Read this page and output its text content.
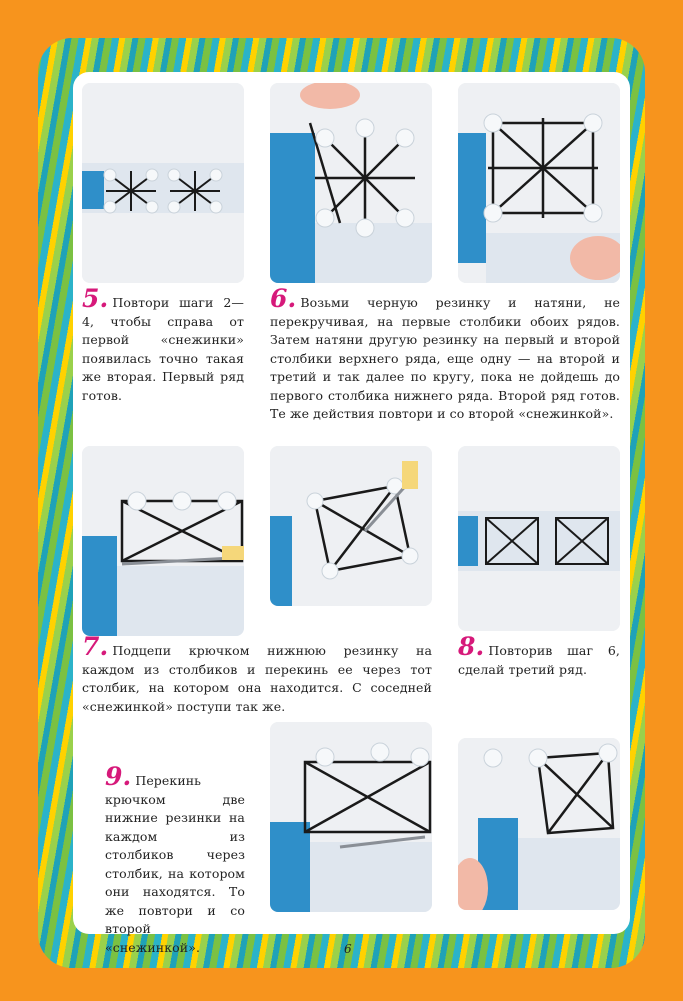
5. Повтори шаги 2—4, чтобы справа от первой «снежинки» появилась точно такая же вторая. Первый ряд готов.
6. Возьми черную резинку и натяни, не перекручивая, на первые столбики обоих рядов. Затем натяни другую резинку на первый и второй столбики верхнего ряда, еще одну — на второй и третий и так далее по кругу, пока не дойдешь до первого столбика нижнего ряда. Второй ряд готов. Те же действия повтори и со второй «снежинкой».
7. Подцепи крючком нижнюю резинку на каждом из столбиков и перекинь ее через тот столбик, на котором она находится. С соседней «снежинкой» поступи так же.
8. Повторив шаг 6, сделай третий ряд.
9. Перекинь крючком две нижние резинки на каждом из столбиков через столбик, на котором они находятся. То же повтори и со второй «снежинкой».	6
